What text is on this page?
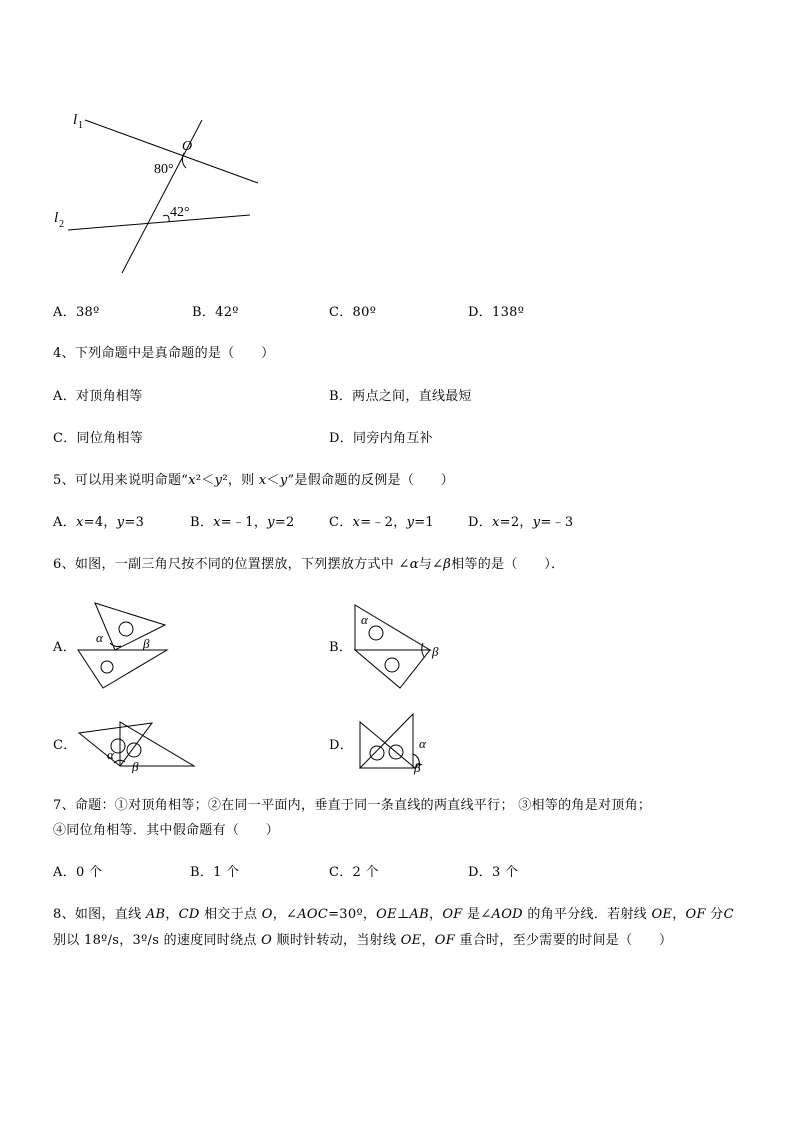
l 1
l 2
O
80°
42°
A．38º	B．42º	C．80º	D．138º
4、下列命题中是真命题的是（　　）
A．对顶角相等	B．两点之间，直线最短
C．同位角相等	D．同旁内角互补
5、可以用来说明命题“x²＜y²，则 x＜y”是假命题的反例是（　　）
A．x=4，y=3	B．x=﹣1，y=2	C．x=﹣2，y=1	D．x=2，y=﹣3
6、如图，一副三角尺按不同的位置摆放，下列摆放方式中 ∠α与∠β相等的是（　　）．
A．
α	β	B．
α
β
C．
α
β
D．	α
β
7、命题：①对顶角相等；②在同一平面内，垂直于同一条直线的两直线平行； ③相等的角是对顶角；
④同位角相等．其中假命题有（　　）
A．0 个	B．1 个	C．2 个	D．3 个
8、如图，直线 AB，CD 相交于点 O，∠AOC=30º，OE⊥AB，OF 是∠AOD 的角平分线．若射线 OE，OF 分C
别以 18º/s，3º/s 的速度同时绕点 O 顺时针转动，当射线 OE，OF 重合时，至少需要的时间是（　　）
